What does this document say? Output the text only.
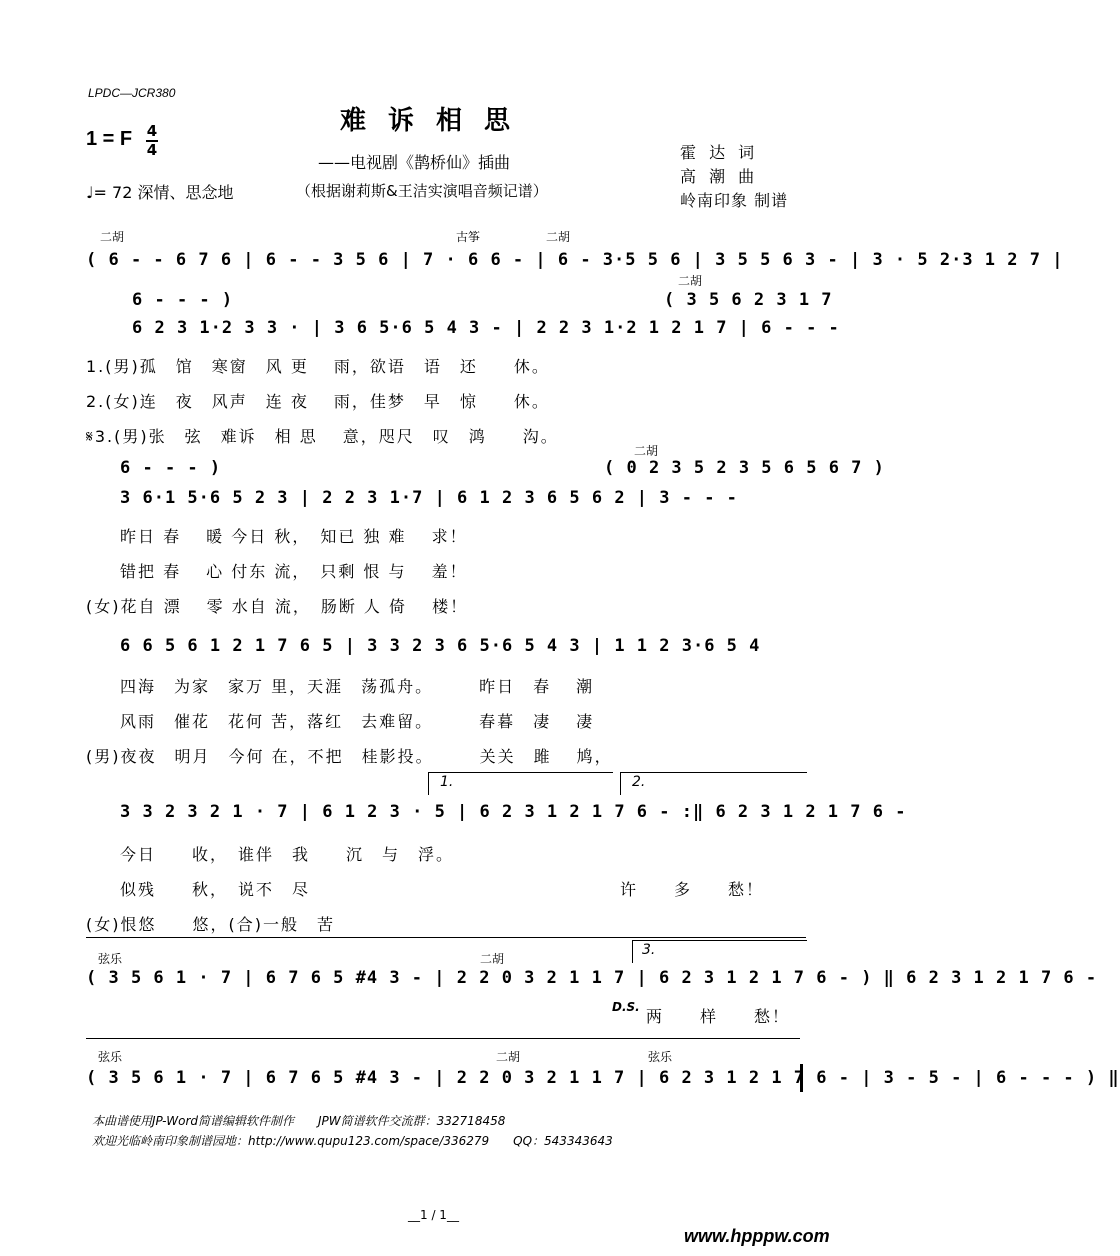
LPDC—JCR380
难诉相思
——电视剧《鹊桥仙》插曲
（根据谢莉斯&王洁实演唱音频记谱）
1 = F 4
4
♩= 72 深情、思念地
霍 达 词
高 潮 曲
岭南印象 制谱
二胡	古筝	二胡
( 6 - - 6 7 6 | 6 - - 3 5 6 | 7 · 6 6 - | 6 - 3·5 5 6 | 3 5 5 6 3 - | 3 · 5 2·3 1 2 7 |
二胡
6 - - - )	( 3 5 6 2 3 1 7
6 2 3 1·2 3 3 · | 3 6 5·6 5 4 3 - | 2 2 3 1·2 1 2 1 7 | 6 - - -
1.(男)孤　馆　寒窗　风 更　 雨，欲语　语　还　　休。
2.(女)连　夜　风声　连 夜　 雨，佳梦　早　惊　　休。
𝄋3.(男)张　弦　难诉　相 思　 意，咫尺　叹　鸿　　沟。
二胡
6 - - - )	( 0 2 3 5 2 3 5 6 5 6 7 )
3 6·1 5·6 5 2 3 | 2 2 3 1·7 | 6 1 2 3 6 5 6 2 | 3 - - -
昨日 春　 暖 今日 秋，　知已 独 难　 求！
错把 春　 心 付东 流，　只剩 恨 与　 羞！
(女)花自 漂　 零 水自 流，　肠断 人 倚　 楼！
6 6 5 6 1 2 1 7 6 5 | 3 3 2 3 6 5·6 5 4 3 | 1 1 2 3·6 5 4
四海　为家　家万 里，天涯　荡孤舟。　　　昨日　春　 潮
风雨　催花　花何 苦，落红　去难留。　　　春暮　凄　 凄
(男)夜夜　明月　今何 在，不把　桂影投。　　　关关　雎　 鸠，
1.	2.
3 3 2 3 2 1 · 7 | 6 1 2 3 · 5 | 6 2 3 1 2 1 7 6 - :‖ 6 2 3 1 2 1 7 6 -
今日　　收，　谁伴　我　　沉　与　浮。
似残　　秋，　说不　尽	许　　多　　愁！
(女)恨悠　　悠，(合)一般　苦
3.
弦乐	二胡
( 3 5 6 1 · 7 | 6 7 6 5 #4 3 - | 2 2 0 3 2 1 1 7 | 6 2 3 1 2 1 7 6 - ) ‖ 6 2 3 1 2 1 7 6 -
D.S. 两　　样　　愁！
弦乐	二胡	弦乐
( 3 5 6 1 · 7 | 6 7 6 5 #4 3 - | 2 2 0 3 2 1 1 7 | 6 2 3 1 2 1 7 6 - | 3 - 5 - | 6 - - - ) ‖
本曲谱使用JP-Word简谱编辑软件制作　　JPW简谱软件交流群：332718458
欢迎光临岭南印象制谱园地：http://www.qupu123.com/space/336279　　QQ：543343643
__1 / 1__
www.hpppw.com
